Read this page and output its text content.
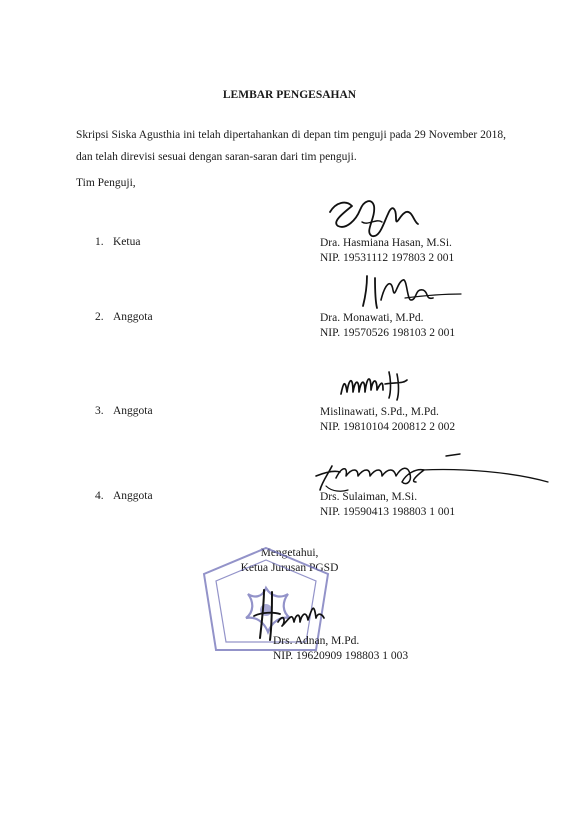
LEMBAR PENGESAHAN
Skripsi Siska Agusthia ini telah dipertahankan di depan tim penguji pada 29 November 2018, dan telah direvisi sesuai dengan saran-saran dari tim penguji.
Tim Penguji,
1. Ketua	Dra. Hasmiana Hasan, M.Si.
NIP. 19531112 197803 2 001
2. Anggota	Dra. Monawati, M.Pd.
NIP. 19570526 198103 2 001
3. Anggota	Mislinawati, S.Pd., M.Pd.
NIP. 19810104 200812 2 002
4. Anggota	Drs. Sulaiman, M.Si.
NIP. 19590413 198803 1 001
Mengetahui,
Ketua Jurusan PGSD
Drs. Adnan, M.Pd.
NIP. 19620909 198803 1 003
